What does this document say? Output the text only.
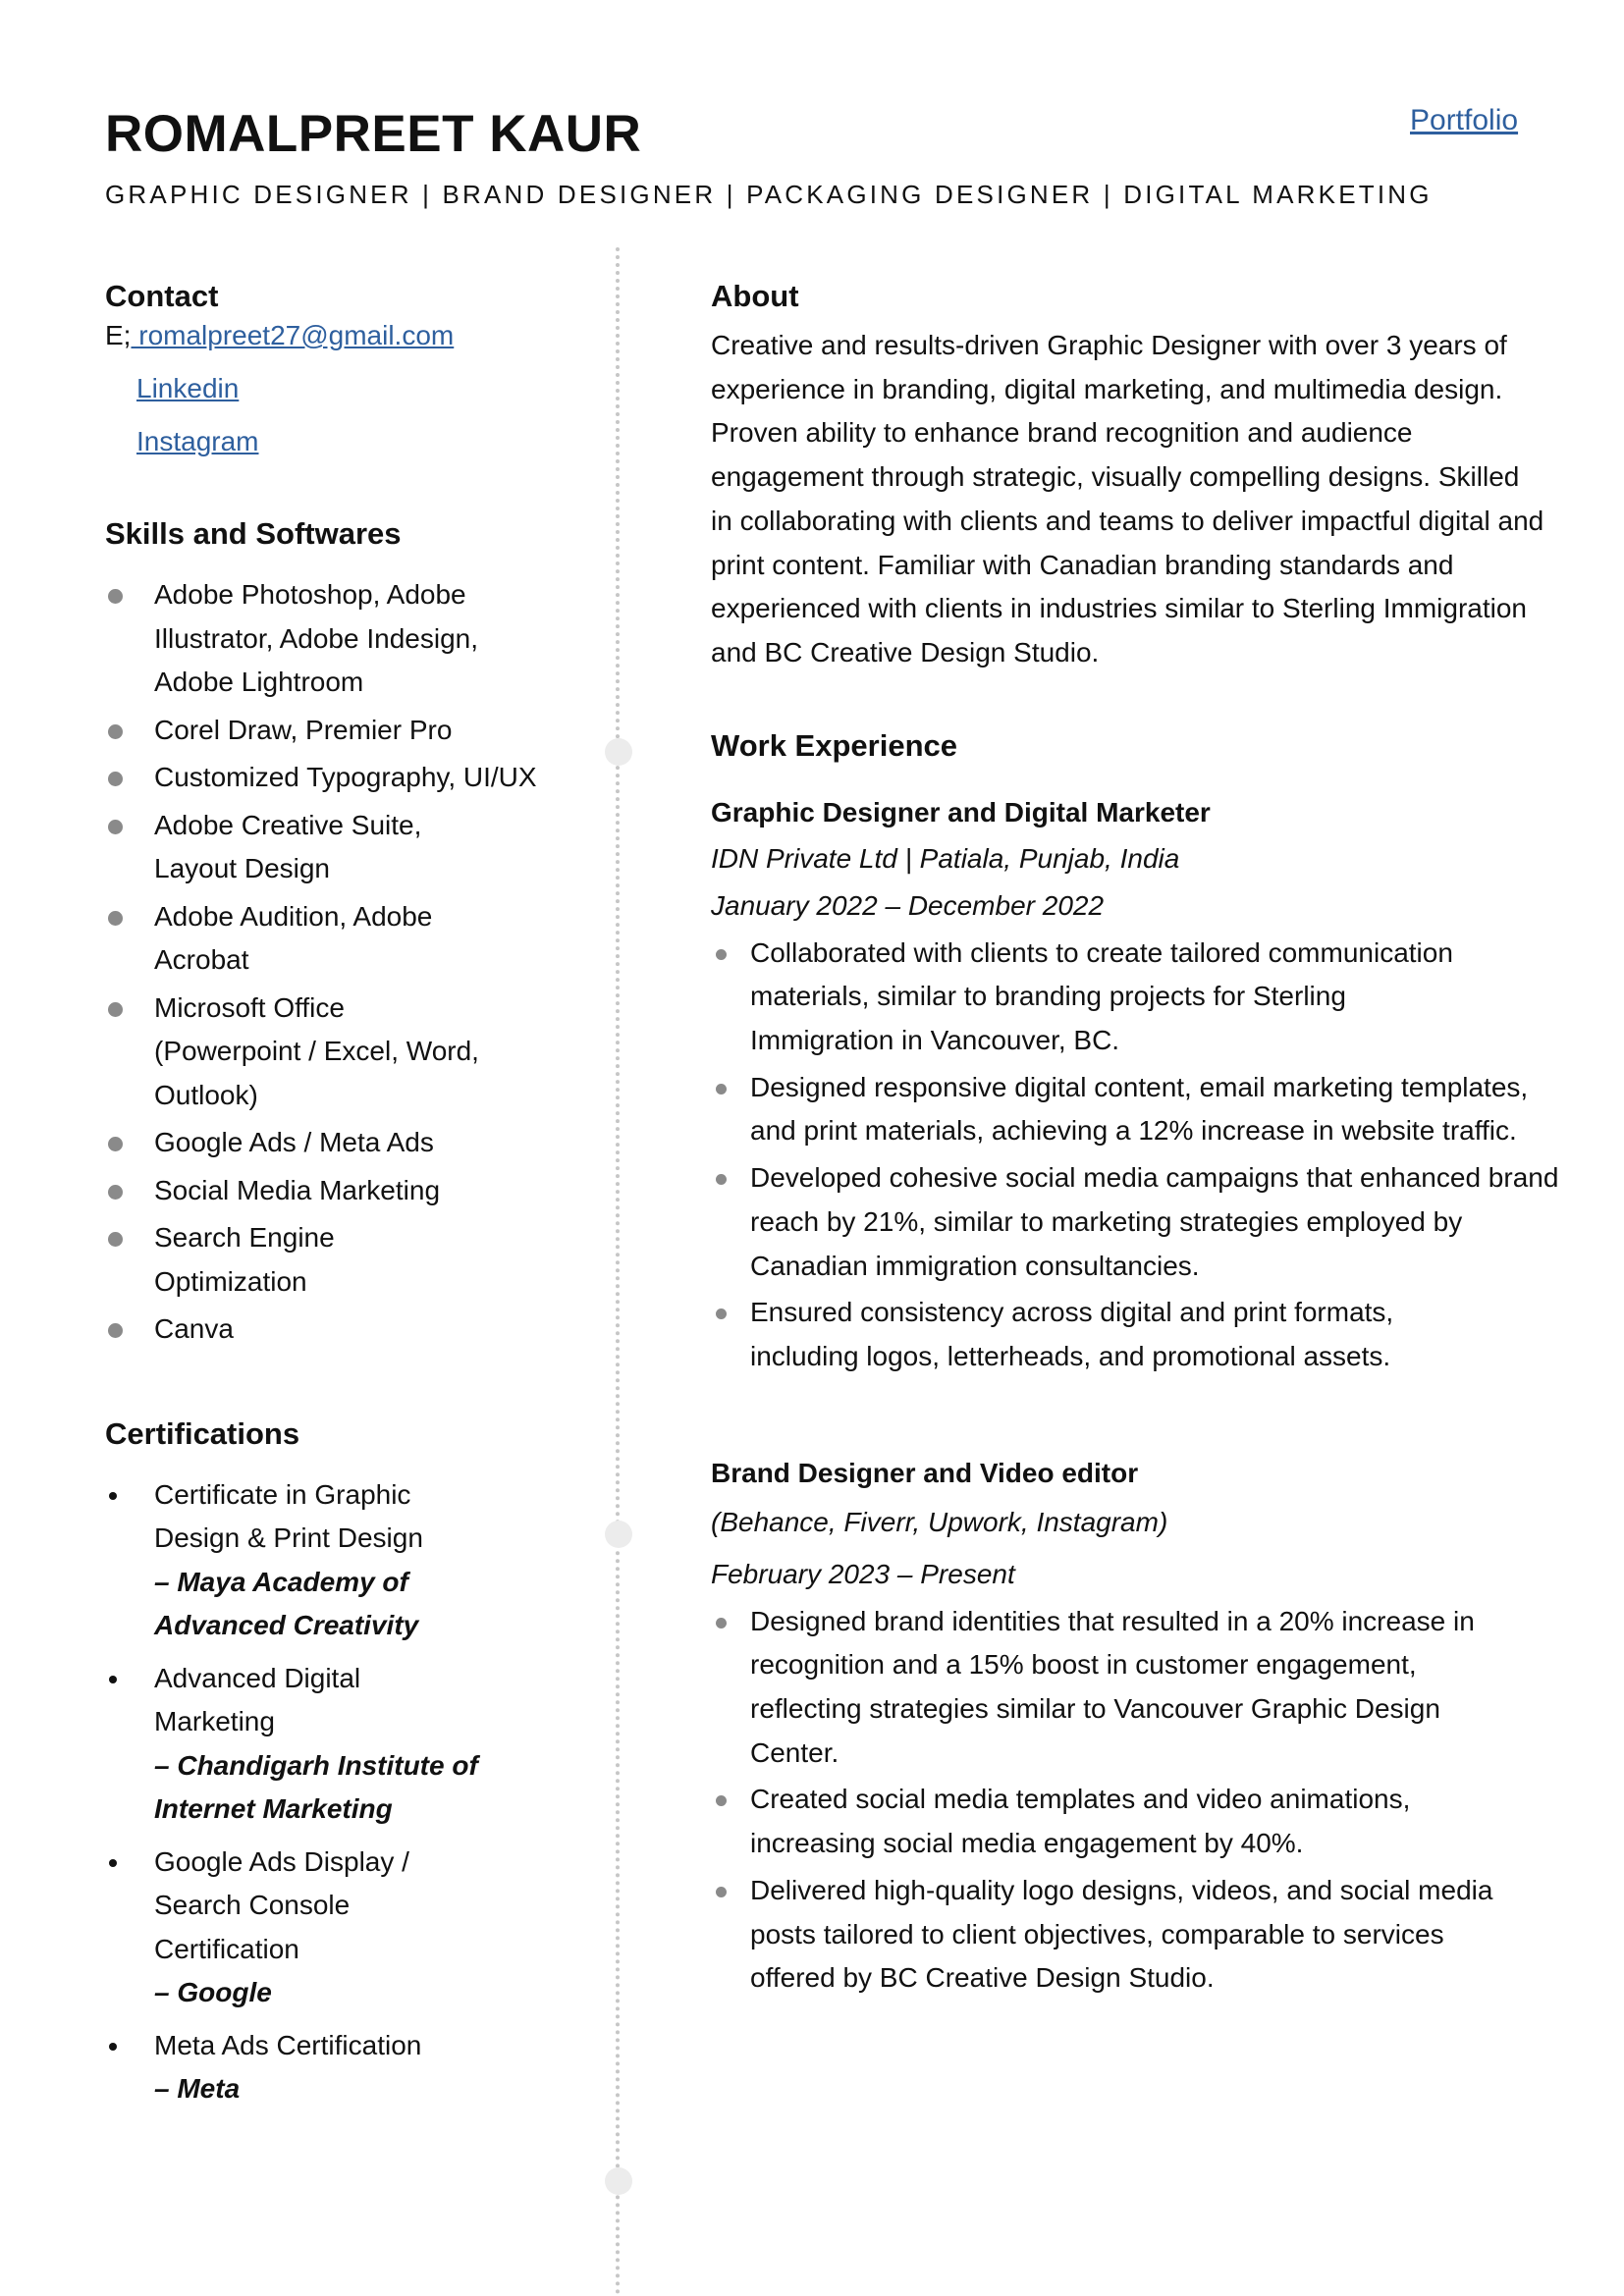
ROMALPREET KAUR	Portfolio
GRAPHIC DESIGNER | BRAND DESIGNER | PACKAGING DESIGNER | DIGITAL MARKETING
Contact
E; romalpreet27@gmail.com
Linkedin
Instagram
Skills and Softwares
Adobe Photoshop, Adobe Illustrator, Adobe Indesign, Adobe Lightroom
Corel Draw, Premier Pro
Customized Typography, UI/UX
Adobe Creative Suite, Layout Design
Adobe Audition, Adobe Acrobat
Microsoft Office (Powerpoint / Excel, Word, Outlook)
Google Ads / Meta Ads
Social Media Marketing
Search Engine Optimization
Canva
Certifications
Certificate in Graphic Design & Print Design
– Maya Academy of Advanced Creativity
Advanced Digital Marketing
– Chandigarh Institute of Internet Marketing
Google Ads Display / Search Console Certification
– Google
Meta Ads Certification
– Meta
About

Creative and results-driven Graphic Designer with over 3 years of experience in branding, digital marketing, and multimedia design. Proven ability to enhance brand recognition and audience engagement through strategic, visually compelling designs. Skilled in collaborating with clients and teams to deliver impactful digital and print content. Familiar with Canadian branding standards and experienced with clients in industries similar to Sterling Immigration and BC Creative Design Studio.

Work Experience
Graphic Designer and Digital Marketer
IDN Private Ltd | Patiala, Punjab, India
January 2022 – December 2022
Collaborated with clients to create tailored communication materials, similar to branding projects for Sterling Immigration in Vancouver, BC.
Designed responsive digital content, email marketing templates, and print materials, achieving a 12% increase in website traffic.
Developed cohesive social media campaigns that enhanced brand reach by 21%, similar to marketing strategies employed by Canadian immigration consultancies.
Ensured consistency across digital and print formats, including logos, letterheads, and promotional assets.
Brand Designer and Video editor
(Behance, Fiverr, Upwork, Instagram)
February 2023 – Present
Designed brand identities that resulted in a 20% increase in recognition and a 15% boost in customer engagement, reflecting strategies similar to Vancouver Graphic Design Center.
Created social media templates and video animations, increasing social media engagement by 40%.
Delivered high-quality logo designs, videos, and social media posts tailored to client objectives, comparable to services offered by BC Creative Design Studio.
